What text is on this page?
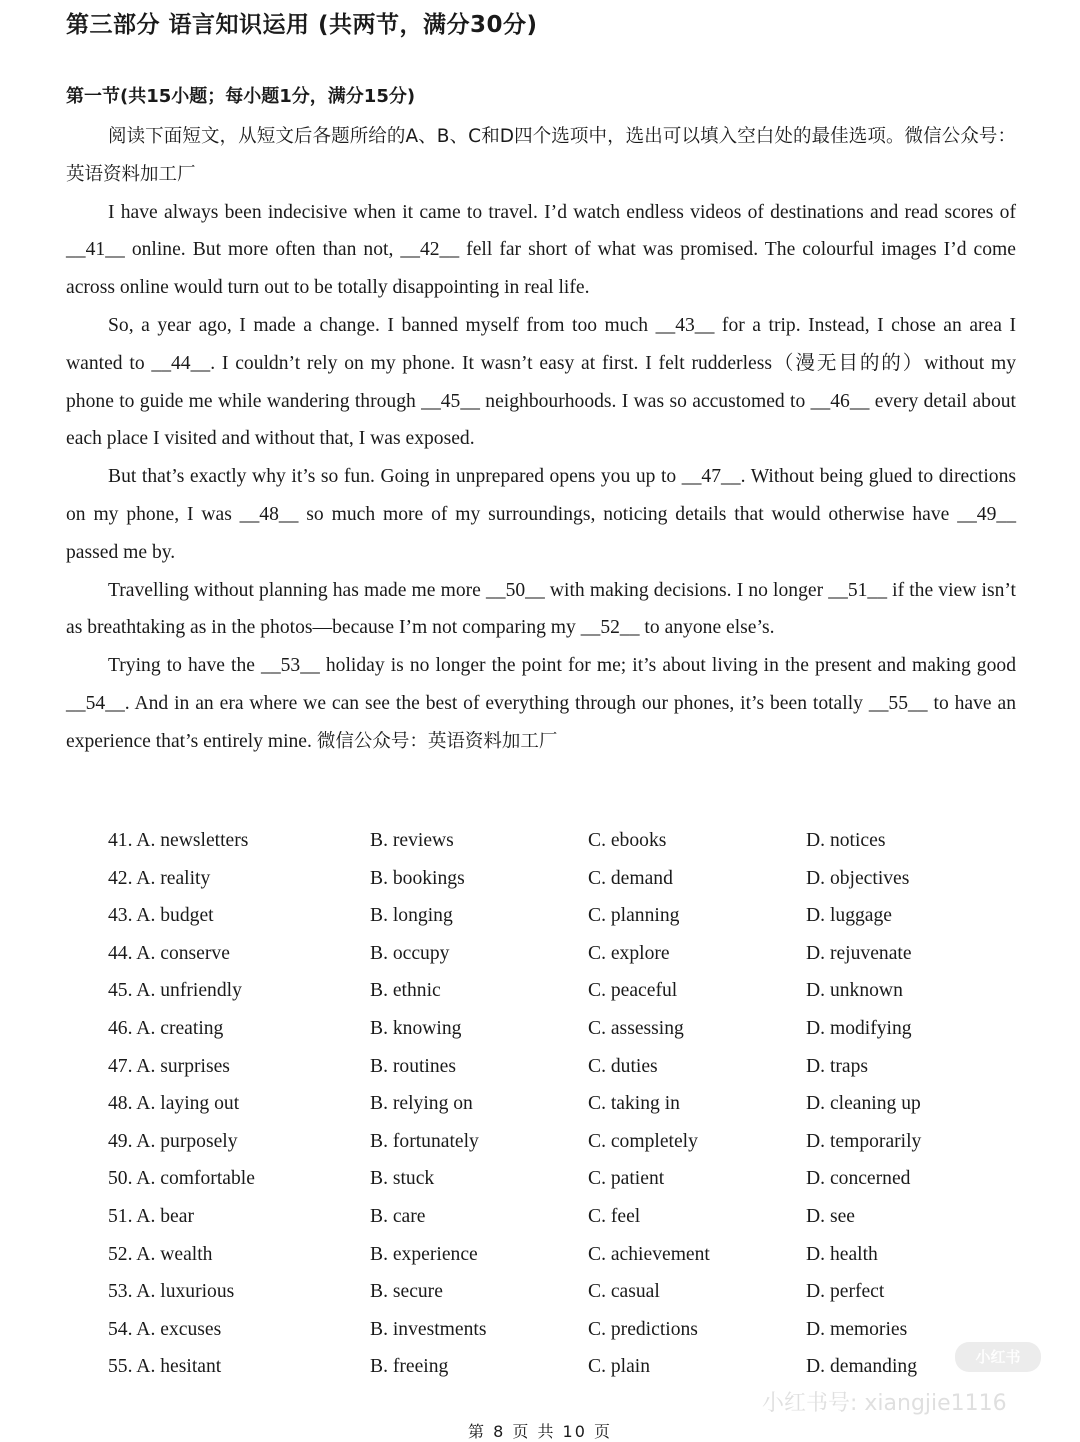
第三部分 语言知识运用 (共两节，满分30分)
第一节(共15小题；每小题1分，满分15分)

阅读下面短文，从短文后各题所给的A、B、C和D四个选项中，选出可以填入空白处的最佳选项。微信公众号：英语资料加工厂

I have always been indecisive when it came to travel. I’d watch endless videos of destinations and read scores of __41__ online. But more often than not, __42__ fell far short of what was promised. The colourful images I’d come across online would turn out to be totally disappointing in real life.

So, a year ago, I made a change. I banned myself from too much __43__ for a trip. Instead, I chose an area I wanted to __44__. I couldn’t rely on my phone. It wasn’t easy at first. I felt rudderless（漫无目的的）without my phone to guide me while wandering through __45__ neighbourhoods. I was so accustomed to __46__ every detail about each place I visited and without that, I was exposed.

But that’s exactly why it’s so fun. Going in unprepared opens you up to __47__. Without being glued to directions on my phone, I was __48__ so much more of my surroundings, noticing details that would otherwise have __49__ passed me by.

Travelling without planning has made me more __50__ with making decisions. I no longer __51__ if the view isn’t as breathtaking as in the photos—because I’m not comparing my __52__ to anyone else’s.

Trying to have the __53__ holiday is no longer the point for me; it’s about living in the present and making good __54__. And in an era where we can see the best of everything through our phones, it’s been totally __55__ to have an experience that’s entirely mine. 微信公众号：英语资料加工厂

41. A. newsletters	B. reviews	C. ebooks	D. notices
42. A. reality	B. bookings	C. demand	D. objectives
43. A. budget	B. longing	C. planning	D. luggage
44. A. conserve	B. occupy	C. explore	D. rejuvenate
45. A. unfriendly	B. ethnic	C. peaceful	D. unknown
46. A. creating	B. knowing	C. assessing	D. modifying
47. A. surprises	B. routines	C. duties	D. traps
48. A. laying out	B. relying on	C. taking in	D. cleaning up
49. A. purposely	B. fortunately	C. completely	D. temporarily
50. A. comfortable	B. stuck	C. patient	D. concerned
51. A. bear	B. care	C. feel	D. see
52. A. wealth	B. experience	C. achievement	D. health
53. A. luxurious	B. secure	C. casual	D. perfect
54. A. excuses	B. investments	C. predictions	D. memories
55. A. hesitant	B. freeing	C. plain	D. demanding
第 8 页 共 10 页
小红书
小红书号: xiangjie1116
